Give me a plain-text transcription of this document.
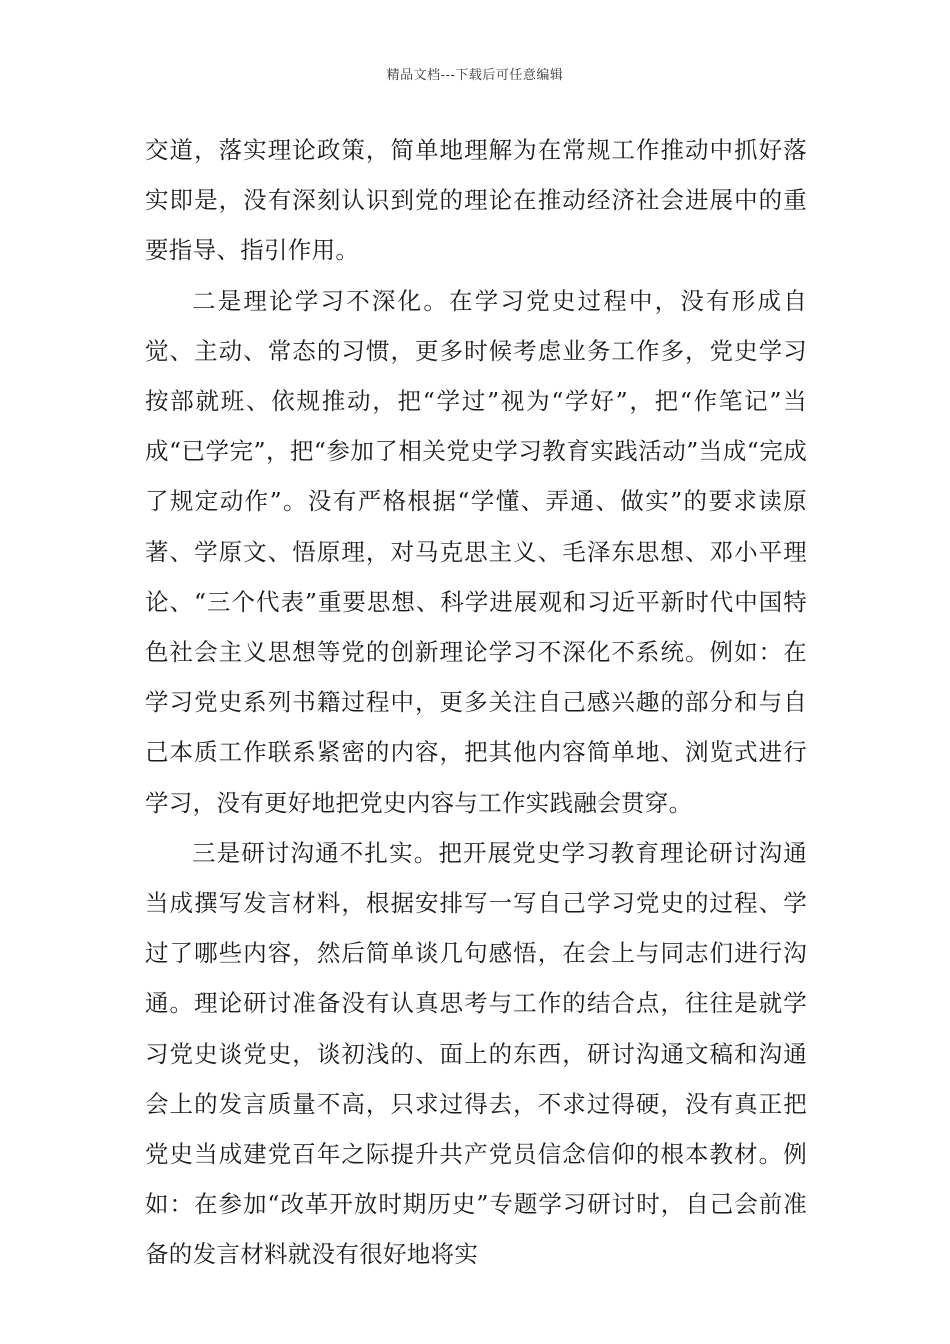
精品文档---下载后可任意编辑

交道，落实理论政策，简单地理解为在常规工作推动中抓好落实即是，没有深刻认识到党的理论在推动经济社会进展中的重要指导、指引作用。

二是理论学习不深化。在学习党史过程中，没有形成自觉、主动、常态的习惯，更多时候考虑业务工作多，党史学习按部就班、依规推动，把“学过”视为“学好”，把“作笔记”当成“已学完”，把“参加了相关党史学习教育实践活动”当成“完成了规定动作”。没有严格根据“学懂、弄通、做实”的要求读原著、学原文、悟原理，对马克思主义、毛泽东思想、邓小平理论、“三个代表”重要思想、科学进展观和习近平新时代中国特色社会主义思想等党的创新理论学习不深化不系统。例如：在学习党史系列书籍过程中，更多关注自己感兴趣的部分和与自己本质工作联系紧密的内容，把其他内容简单地、浏览式进行学习，没有更好地把党史内容与工作实践融会贯穿。

三是研讨沟通不扎实。把开展党史学习教育理论研讨沟通当成撰写发言材料，根据安排写一写自己学习党史的过程、学过了哪些内容，然后简单谈几句感悟，在会上与同志们进行沟通。理论研讨准备没有认真思考与工作的结合点，往往是就学习党史谈党史，谈初浅的、面上的东西，研讨沟通文稿和沟通会上的发言质量不高，只求过得去，不求过得硬，没有真正把党史当成建党百年之际提升共产党员信念信仰的根本教材。例如：在参加“改革开放时期历史”专题学习研讨时，自己会前准备的发言材料就没有很好地将实
